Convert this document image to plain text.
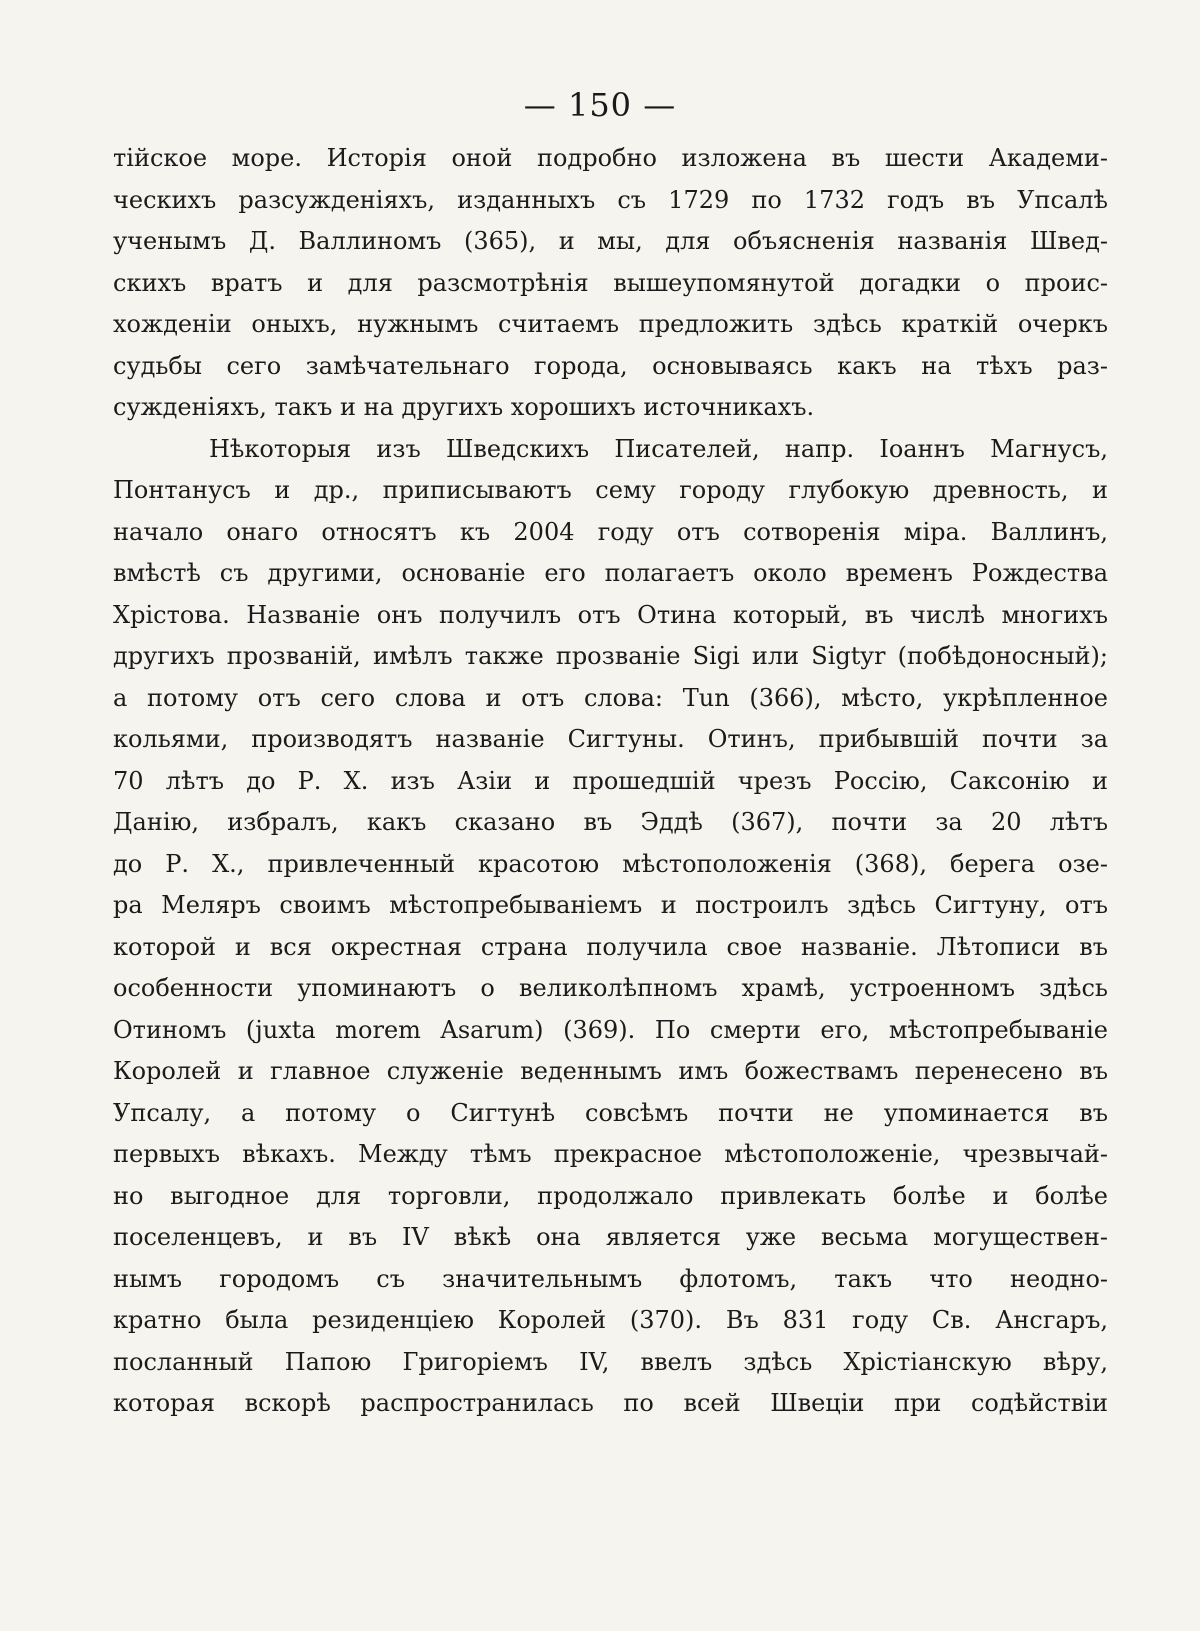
— 150 —
тійское море. Исторія оной подробно изложена въ шести Академи-
ческихъ разсужденіяхъ, изданныхъ съ 1729 по 1732 годъ въ Упсалѣ
ученымъ Д. Валлиномъ (365), и мы, для объясненія названія Швед-
скихъ вратъ и для разсмотрѣнія вышеупомянутой догадки о проис-
хожденіи оныхъ, нужнымъ считаемъ предложить здѣсь краткій очеркъ
судьбы сего замѣчательнаго города, основываясь какъ на тѣхъ раз-
сужденіяхъ, такъ и на другихъ хорошихъ источникахъ.
Нѣкоторыя изъ Шведскихъ Писателей, напр. Іоаннъ Магнусъ,
Понтанусъ и др., приписываютъ сему городу глубокую древность, и
начало онаго относятъ къ 2004 году отъ сотворенія міра. Валлинъ,
вмѣстѣ съ другими, основаніе его полагаетъ около временъ Рождества
Хрістова. Названіе онъ получилъ отъ Отина который, въ числѣ многихъ
другихъ прозваній, имѣлъ также прозваніе Sigi или Sigtyr (побѣдоносный);
а потому отъ сего слова и отъ слова: Tun (366), мѣсто, укрѣпленное
кольями, производятъ названіе Сигтуны. Отинъ, прибывшій почти за
70 лѣтъ до Р. Х. изъ Азіи и прошедшій чрезъ Россію, Саксонію и
Данію, избралъ, какъ сказано въ Эддѣ (367), почти за 20 лѣтъ
до Р. Х., привлеченный красотою мѣстоположенія (368), берега озе-
ра Меляръ своимъ мѣстопребываніемъ и построилъ здѣсь Сигтуну, отъ
которой и вся окрестная страна получила свое названіе. Лѣтописи въ
особенности упоминаютъ о великолѣпномъ храмѣ, устроенномъ здѣсь
Отиномъ (juxta morem Asarum) (369). По смерти его, мѣстопребываніе
Королей и главное служеніе веденнымъ имъ божествамъ перенесено въ
Упсалу, а потому о Сигтунѣ совсѣмъ почти не упоминается въ
первыхъ вѣкахъ. Между тѣмъ прекрасное мѣстоположеніе, чрезвычай-
но выгодное для торговли, продолжало привлекать болѣе и болѣе
поселенцевъ, и въ IV вѣкѣ она является уже весьма могуществен-
нымъ городомъ съ значительнымъ флотомъ, такъ что неодно-
кратно была резиденціею Королей (370). Въ 831 году Св. Ансгаръ,
посланный Папою Григоріемъ IV, ввелъ здѣсь Хрістіанскую вѣру,
которая вскорѣ распространилась по всей Швеціи при содѣйствіи
